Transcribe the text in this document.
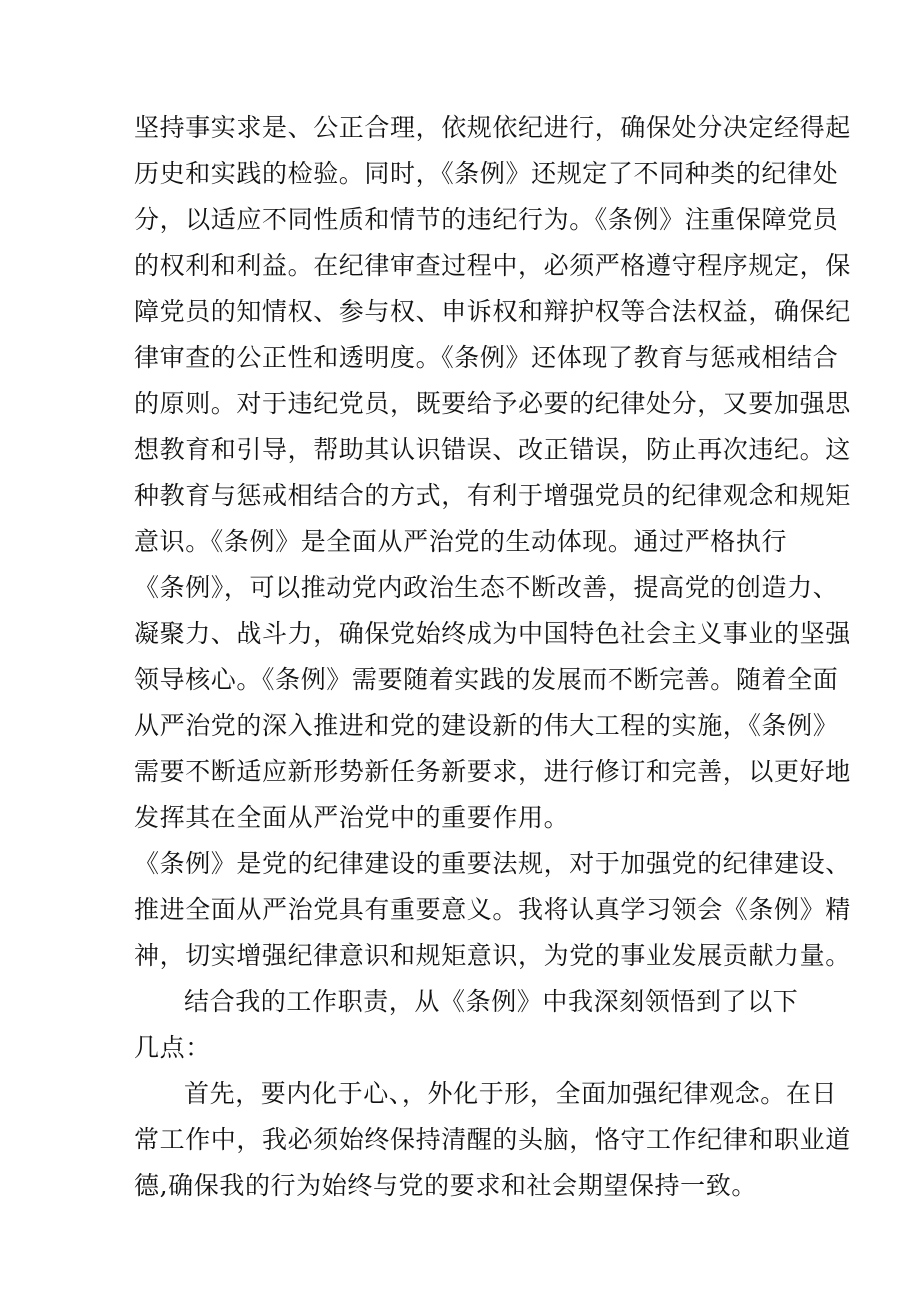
坚持事实求是、公正合理，依规依纪进行，确保处分决定经得起
历史和实践的检验。同时，《条例》还规定了不同种类的纪律处
分，以适应不同性质和情节的违纪行为。《条例》注重保障党员
的权利和利益。在纪律审查过程中，必须严格遵守程序规定，保
障党员的知情权、参与权、申诉权和辩护权等合法权益，确保纪
律审查的公正性和透明度。《条例》还体现了教育与惩戒相结合
的原则。对于违纪党员，既要给予必要的纪律处分，又要加强思
想教育和引导，帮助其认识错误、改正错误，防止再次违纪。这
种教育与惩戒相结合的方式，有利于增强党员的纪律观念和规矩
意识。《条例》是全面从严治党的生动体现。通过严格执行
《条例》，可以推动党内政治生态不断改善，提高党的创造力、
凝聚力、战斗力，确保党始终成为中国特色社会主义事业的坚强
领导核心。《条例》需要随着实践的发展而不断完善。随着全面
从严治党的深入推进和党的建设新的伟大工程的实施，《条例》
需要不断适应新形势新任务新要求，进行修订和完善，以更好地
发挥其在全面从严治党中的重要作用。
《条例》是党的纪律建设的重要法规，对于加强党的纪律建设、
推进全面从严治党具有重要意义。我将认真学习领会《条例》精
神，切实增强纪律意识和规矩意识，为党的事业发展贡献力量。
结合我的工作职责，从《条例》中我深刻领悟到了以下
几点：
首先，要内化于心、，外化于形，全面加强纪律观念。在日
常工作中，我必须始终保持清醒的头脑，恪守工作纪律和职业道
德,确保我的行为始终与党的要求和社会期望保持一致。
